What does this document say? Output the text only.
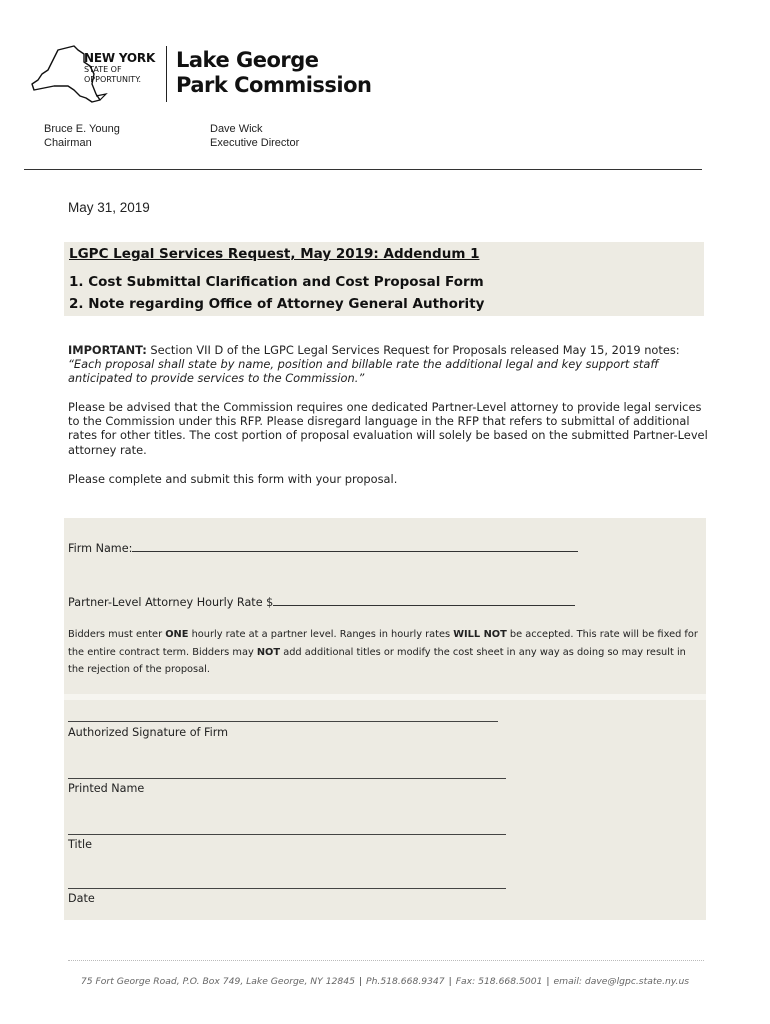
NEW YORK
STATE OF
OPPORTUNITY.
Lake George
Park Commission
Bruce E. Young
Chairman
Dave Wick
Executive Director
May 31, 2019
LGPC Legal Services Request, May 2019: Addendum 1
1. Cost Submittal Clarification and Cost Proposal Form
2. Note regarding Office of Attorney General Authority
IMPORTANT: Section VII D of the LGPC Legal Services Request for Proposals released May 15, 2019 notes: “Each proposal shall state by name, position and billable rate the additional legal and key support staff anticipated to provide services to the Commission.”
Please be advised that the Commission requires one dedicated Partner-Level attorney to provide legal services to the Commission under this RFP. Please disregard language in the RFP that refers to submittal of additional rates for other titles. The cost portion of proposal evaluation will solely be based on the submitted Partner-Level attorney rate.
Please complete and submit this form with your proposal.
Firm Name:
Partner-Level Attorney Hourly Rate $
Bidders must enter ONE hourly rate at a partner level. Ranges in hourly rates WILL NOT be accepted. This rate will be fixed for the entire contract term. Bidders may NOT add additional titles or modify the cost sheet in any way as doing so may result in the rejection of the proposal.
Authorized Signature of Firm
Printed Name
Title
Date
75 Fort George Road, P.O. Box 749, Lake George, NY 12845 | Ph.518.668.9347 | Fax: 518.668.5001 | email: dave@lgpc.state.ny.us
